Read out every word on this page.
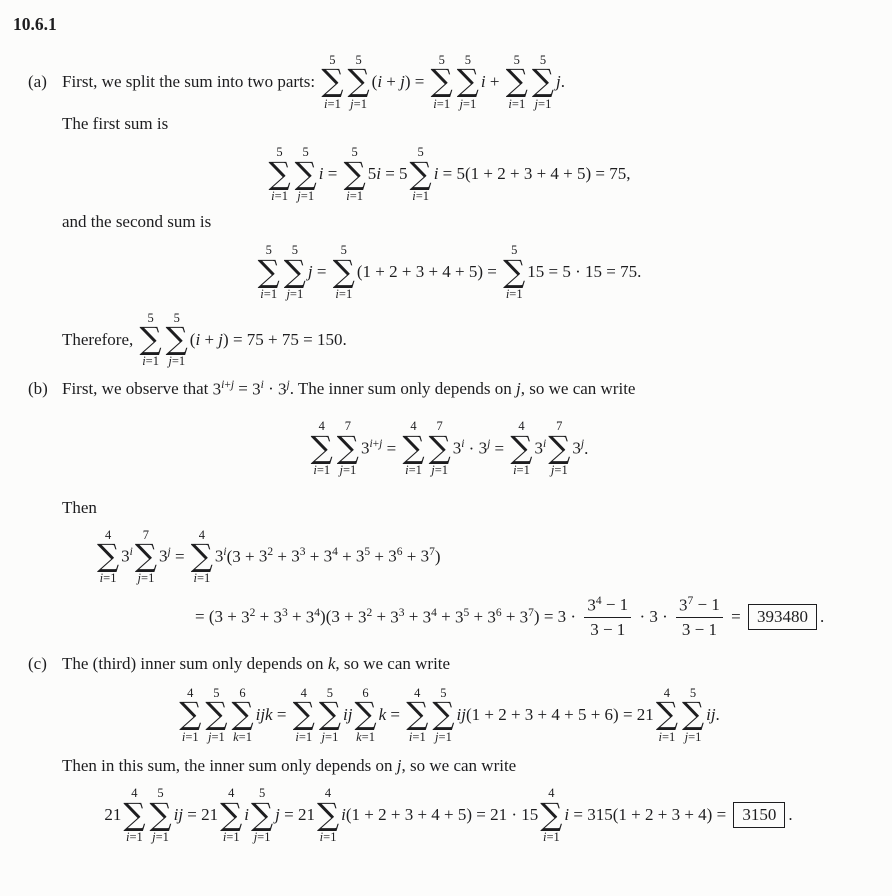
10.6.1
(a) First, we split the sum into two parts:
5
∑
i=1
5
∑
j=1
( i + j ) =
5
∑
i=1
5
∑
j=1
i +
5
∑
i=1
5
∑
j=1
j .
The first sum is
5
∑
i=1
5
∑
j=1
i =
5
∑
i=1
5 i = 5
5
∑
i=1
i = 5(1 + 2 + 3 + 4 + 5) = 75,
and the second sum is
5
∑
i=1
5
∑
j=1
j =
5
∑
i=1
(1 + 2 + 3 + 4 + 5) =
5
∑
i=1
15 = 5 · 15 = 75.
Therefore,
5
∑
i=1
5
∑
j=1
( i + j ) = 75 + 75 = 150.
(b) First, we observe that $3^{i+j} = 3^i \cdot 3^j$ . The inner sum only depends on j , so we can write
4
∑
i=1
7
∑
j=1
$3^{i+j}$ =
4
∑
i=1
7
∑
j=1
$3^i \cdot 3^j$ =
4
∑
i=1
3$^i$
7
∑
j=1
3$^j$ .
Then
4
∑
i=1
3$^i$
7
∑
j=1
$3^j$ =
4
∑
i=1
3$^i$ ($3 + 3^2 + 3^3 + 3^4 + 3^5 + 3^6 + 3^7$ )
= ($3 + 3^2 + 3^3 + 3^4$ )($3 + 3^2 + 3^3 + 3^4 + 3^5 + 3^6 + 3^7$ ) = 3 ·
$3^4 - 1$
3 − 1
· $3 \cdot \frac{3^7 - 1}{3 - 1} = 393480$ .
(c) The (third) inner sum only depends on k , so we can write
4
∑
i=1
5
∑
j=1
6
∑
k=1
ijk =
4
∑
i=1
5
∑
j=1
ij
6
∑
k=1
k =
4
∑
i=1
5
∑
j=1
ij (1 + 2 + 3 + 4 + 5 + 6) = 21
4
∑
i=1
5
∑
j=1
ij .
Then in this sum, the inner sum only depends on j , so we can write
21
4
∑
i=1
5
∑
j=1
ij = 21
4
∑
i=1
i
5
∑
j=1
j = 21
4
∑
i=1
i (1 + 2 + 3 + 4 + 5) = 21 · 15
4
∑
i=1
i = 315(1 + 2 + 3 + 4) = 3150 .
